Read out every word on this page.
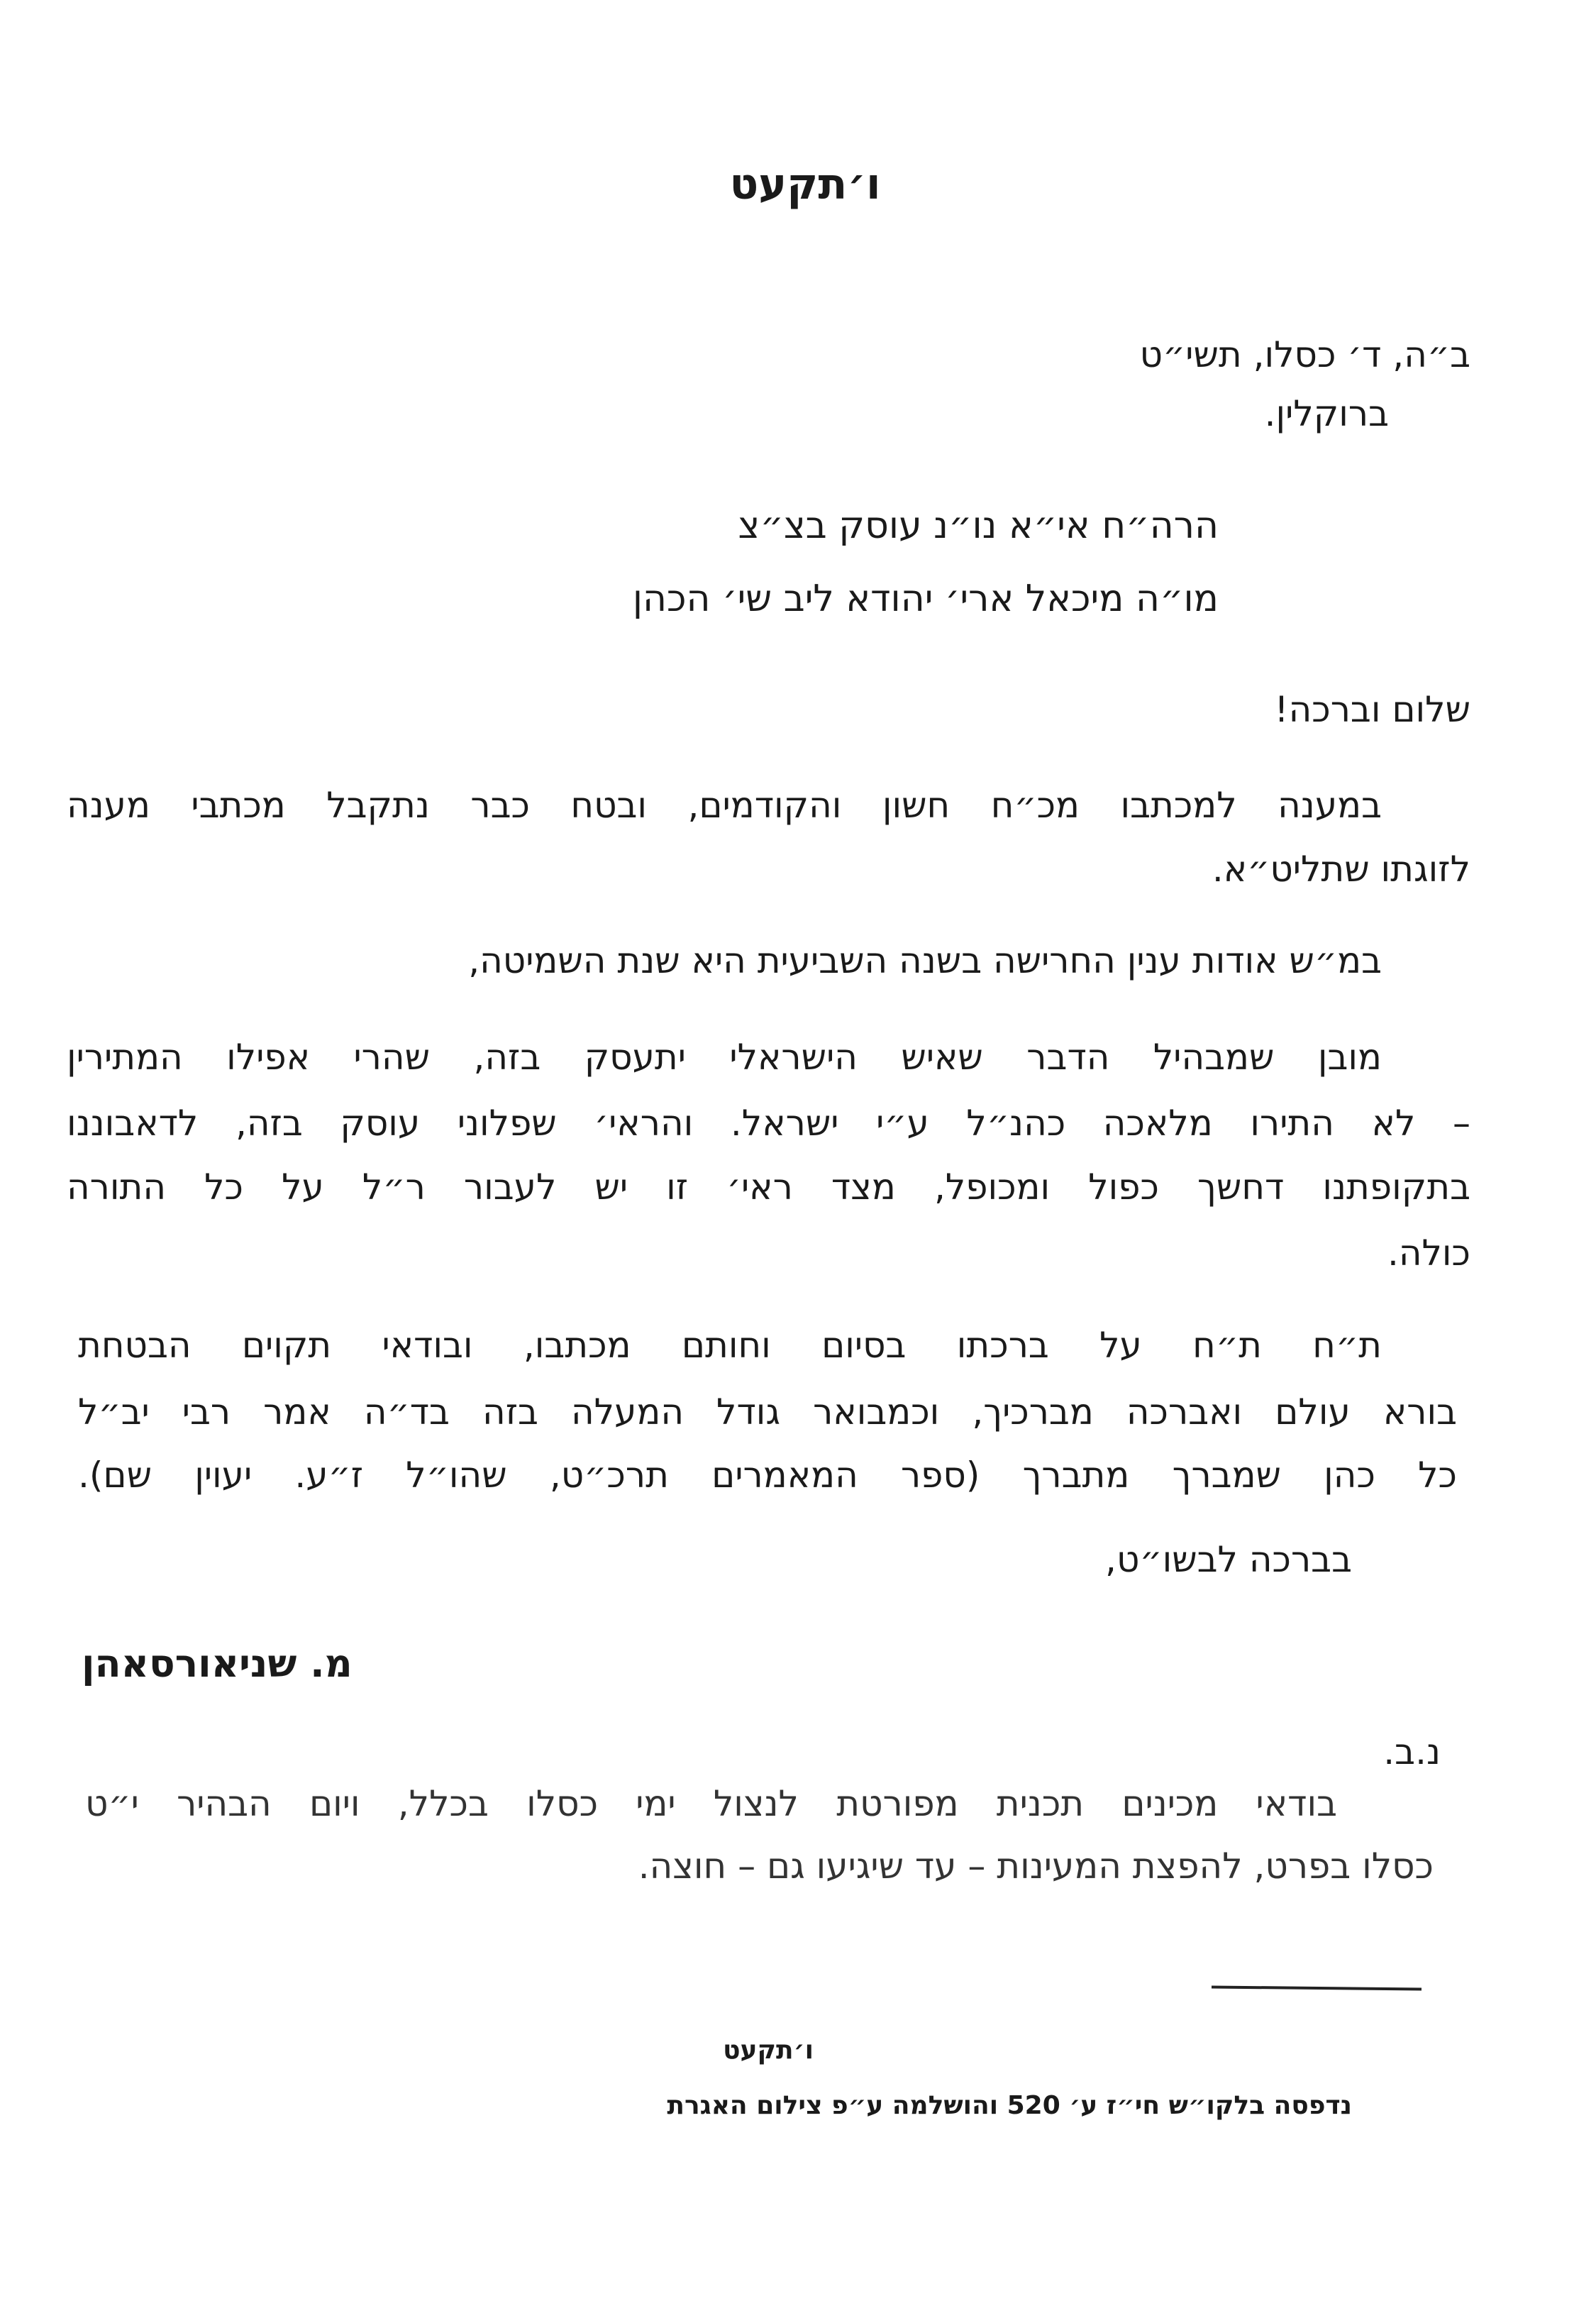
ו׳תקעט
ב״ה, ד׳ כסלו, תשי״ט
ברוקלין.
הרה״ח אי״א נו״נ עוסק בצ״צ
מו״ה מיכאל ארי׳ יהודא ליב שי׳ הכהן
שלום וברכה!
במענה למכתבו מכ״ח חשון והקודמים, ובטח כבר נתקבל מכתבי מענה
לזוגתו שתליט״א.
במ״ש אודות ענין החרישה בשנה השביעית היא שנת השמיטה,
מובן שמבהיל הדבר שאיש הישראלי יתעסק בזה, שהרי אפילו המתירין
– לא התירו מלאכה כהנ״ל ע״י ישראל. והראי׳ שפלוני עוסק בזה, לדאבוננו
בתקופתנו דחשך כפול ומכופל, מצד ראי׳ זו יש לעבור ר״ל על כל התורה
כולה.
ת״ח ת״ח על ברכתו בסיום וחותם מכתבו, ובודאי תקוים הבטחת
בורא עולם ואברכה מברכיך, וכמבואר גודל המעלה בזה בד״ה אמר רבי יב״ל
כל כהן שמברך מתברך (ספר המאמרים תרכ״ט, שהו״ל ז״ע. יעוין שם).
בברכה לבשו״ט,
מ. שניאורסאהן
נ.ב.
בודאי מכינים תכנית מפורטת לנצול ימי כסלו בכלל, ויום הבהיר י״ט
כסלו בפרט, להפצת המעינות – עד שיגיעו גם – חוצה.
ו׳תקעט
נדפסה בלקו״ש חי״ז ע׳ 520 והושלמה ע״פ צילום האגרת
